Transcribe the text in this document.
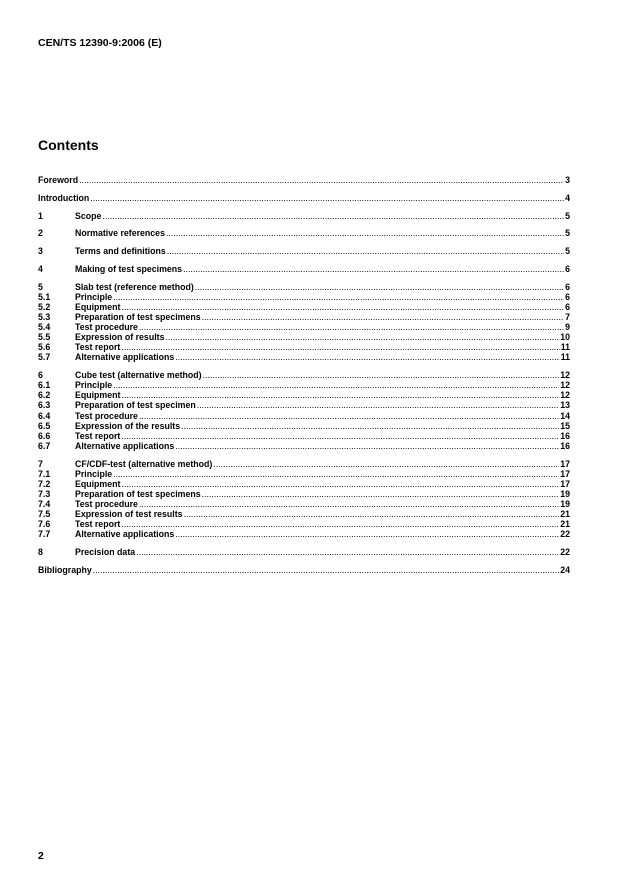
CEN/TS 12390-9:2006 (E)
Contents
Foreword .....	3
Introduction .....	4
1	Scope .....	5
2	Normative references .....	5
3	Terms and definitions .....	5
4	Making of test specimens .....	6
5	Slab test (reference method) .....	6
5.1	Principle .....	6
5.2	Equipment .....	6
5.3	Preparation of test specimens .....	7
5.4	Test procedure .....	9
5.5	Expression of results .....	10
5.6	Test report .....	11
5.7	Alternative applications .....	11
6	Cube test (alternative method) .....	12
6.1	Principle .....	12
6.2	Equipment .....	12
6.3	Preparation of test specimen .....	13
6.4	Test procedure .....	14
6.5	Expression of the results .....	15
6.6	Test report .....	16
6.7	Alternative applications .....	16
7	CF/CDF-test (alternative method) .....	17
7.1	Principle .....	17
7.2	Equipment .....	17
7.3	Preparation of test specimens .....	19
7.4	Test procedure .....	19
7.5	Expression of test results .....	21
7.6	Test report .....	21
7.7	Alternative applications .....	22
8	Precision data .....	22
Bibliography .....	24
2
